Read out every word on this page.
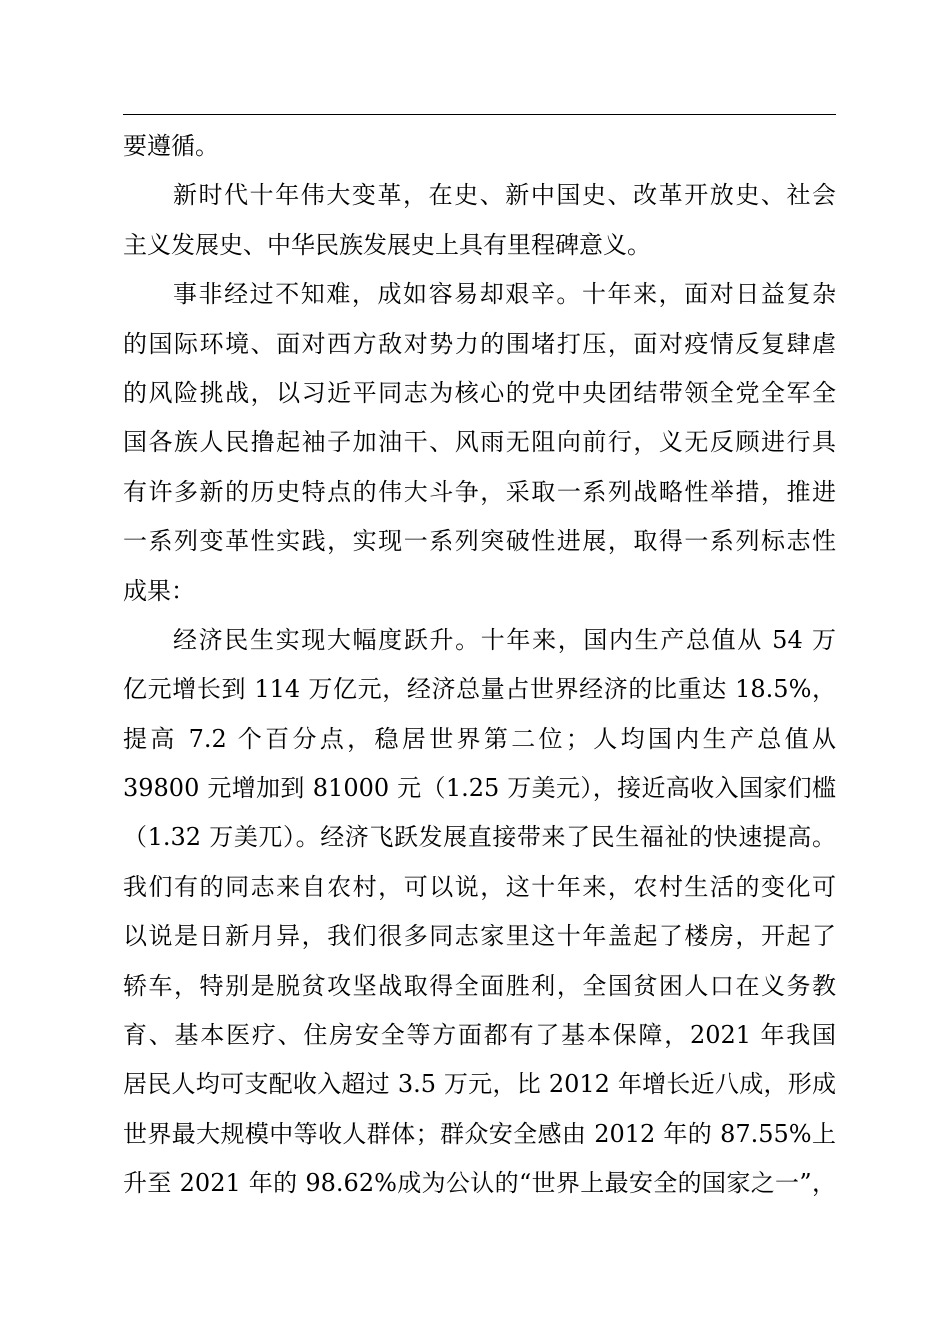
要遵循。
新时代十年伟大变革，在史、新中国史、改革开放史、社会
主义发展史、中华民族发展史上具有里程碑意义。
事非经过不知难，成如容易却艰辛。十年来，面对日益复杂
的国际环境、面对西方敌对势力的围堵打压，面对疫情反复肆虐
的风险挑战，以习近平同志为核心的党中央团结带领全党全军全
国各族人民撸起袖子加油干、风雨无阻向前行，义无反顾进行具
有许多新的历史特点的伟大斗争，采取一系列战略性举措，推进
一系列变革性实践，实现一系列突破性进展，取得一系列标志性
成果：
经济民生实现大幅度跃升。十年来，国内生产总值从 54 万
亿元增长到 114 万亿元，经济总量占世界经济的比重达 18.5%，
提高 7.2 个百分点，稳居世界第二位；人均国内生产总值从
39800 元增加到 81000 元（1.25 万美元），接近高收入国家们槛
（1.32 万美兀）。经济飞跃发展直接带来了民生福祉的快速提高。
我们有的同志来自农村，可以说，这十年来，农村生活的变化可
以说是日新月异，我们很多同志家里这十年盖起了楼房，开起了
轿车，特别是脱贫攻坚战取得全面胜利，全国贫困人口在义务教
育、基本医疗、住房安全等方面都有了基本保障，2021 年我国
居民人均可支配收入超过 3.5 万元，比 2012 年增长近八成，形成
世界最大规模中等收人群体；群众安全感由 2012 年的 87.55%上
升至 2021 年的 98.62%成为公认的“世界上最安全的国家之一”，
